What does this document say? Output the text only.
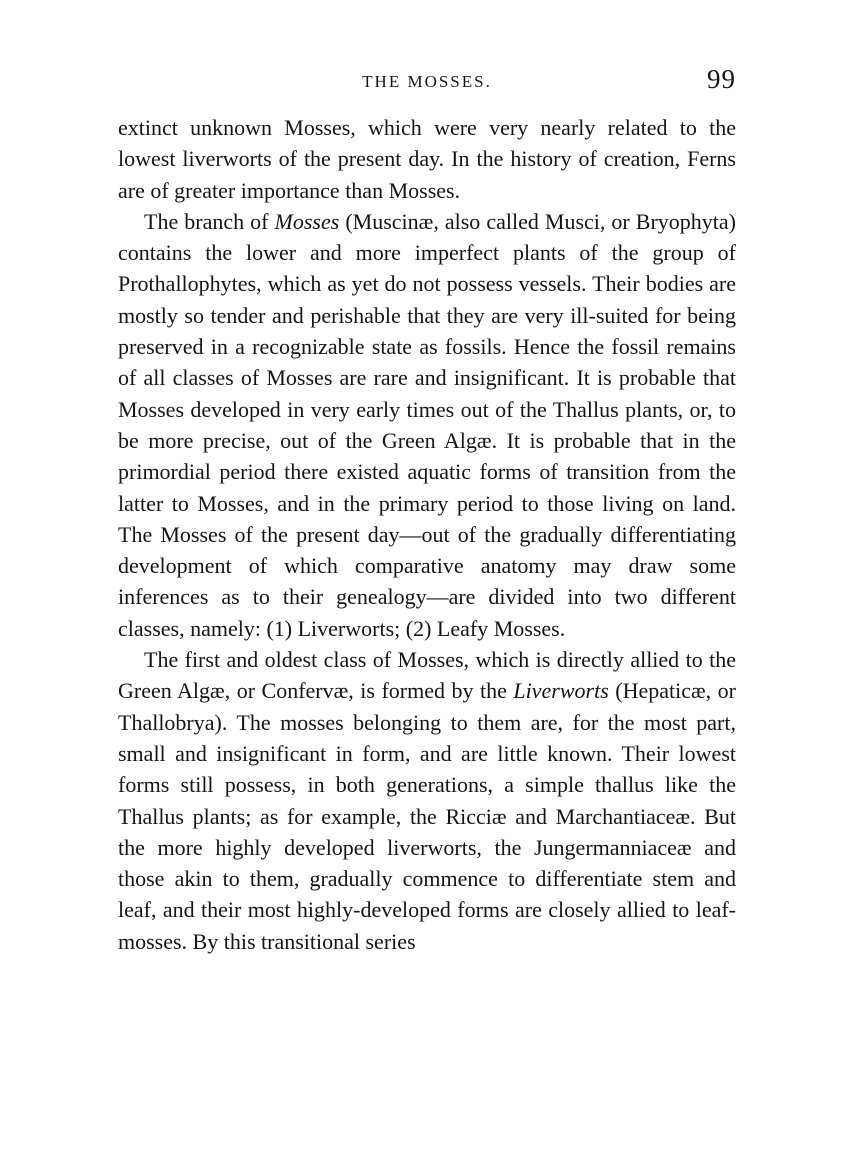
THE MOSSES.	99

extinct unknown Mosses, which were very nearly related to the lowest liverworts of the present day. In the history of creation, Ferns are of greater importance than Mosses.

The branch of Mosses (Muscinæ, also called Musci, or Bryophyta) contains the lower and more imperfect plants of the group of Prothallophytes, which as yet do not possess vessels. Their bodies are mostly so tender and perishable that they are very ill-suited for being preserved in a recognizable state as fossils. Hence the fossil remains of all classes of Mosses are rare and insignificant. It is probable that Mosses developed in very early times out of the Thallus plants, or, to be more precise, out of the Green Algæ. It is probable that in the primordial period there existed aquatic forms of transition from the latter to Mosses, and in the primary period to those living on land. The Mosses of the present day—out of the gradually differentiating development of which comparative anatomy may draw some inferences as to their genealogy—are divided into two different classes, namely: (1) Liverworts; (2) Leafy Mosses.

The first and oldest class of Mosses, which is directly allied to the Green Algæ, or Confervæ, is formed by the Liverworts (Hepaticæ, or Thallobrya). The mosses belonging to them are, for the most part, small and insignificant in form, and are little known. Their lowest forms still possess, in both generations, a simple thallus like the Thallus plants; as for example, the Ricciæ and Marchantiaceæ. But the more highly developed liverworts, the Jungermanniaceæ and those akin to them, gradually commence to differentiate stem and leaf, and their most highly-developed forms are closely allied to leaf-mosses. By this transitional series
